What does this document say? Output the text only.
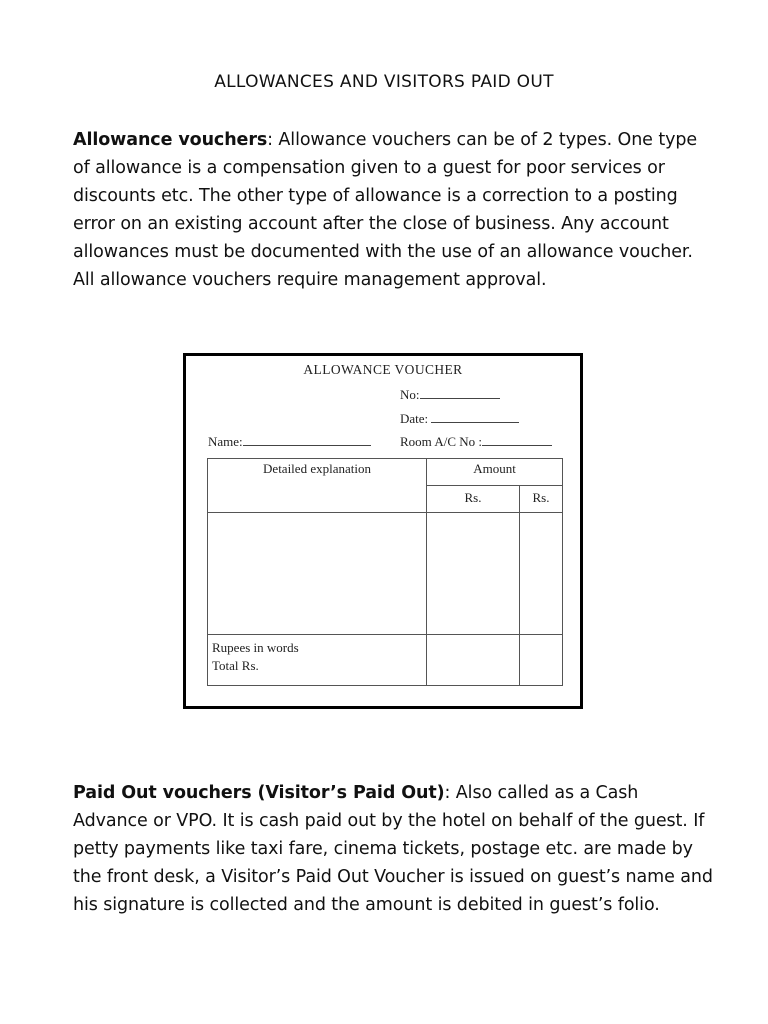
ALLOWANCES AND VISITORS PAID OUT
Allowance vouchers: Allowance vouchers can be of 2 types. One type of allowance is a compensation given to a guest for poor services or discounts etc. The other type of allowance is a correction to a posting error on an existing account after the close of business. Any account allowances must be documented with the use of an allowance voucher. All allowance vouchers require management approval.
ALLOWANCE VOUCHER
No:
Date:
Name:	Room A/C No :
Detailed explanation	Amount	
	Rs.	Rs.

Rupees in words
Total Rs.		

Paid Out vouchers (Visitor’s Paid Out): Also called as a Cash Advance or VPO. It is cash paid out by the hotel on behalf of the guest. If petty payments like taxi fare, cinema tickets, postage etc. are made by the front desk, a Visitor’s Paid Out Voucher is issued on guest’s name and his signature is collected and the amount is debited in guest’s folio.
